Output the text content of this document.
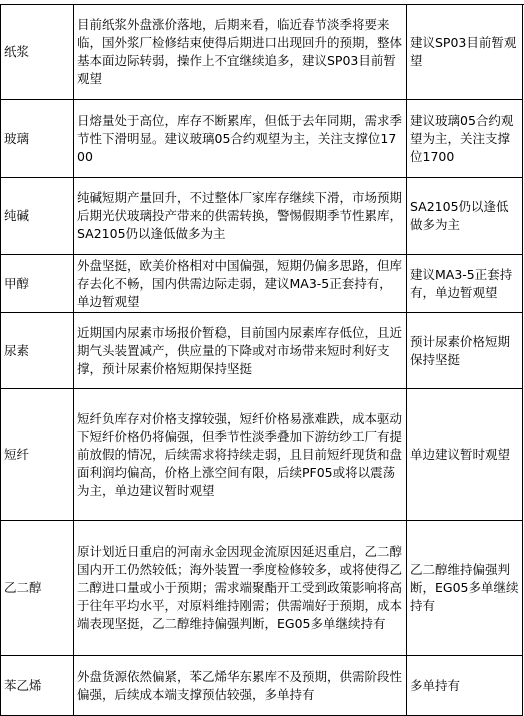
纸浆	目前纸浆外盘涨价落地，后期来看，临近春节淡季将要来临，国外浆厂检修结束使得后期进口出现回升的预期，整体基本面边际转弱，操作上不宜继续追多，建议SP03目前暂观望	建议SP03目前暂观望
玻璃	日熔量处于高位，库存不断累库，但低于去年同期，需求季节性下滑明显。建议玻璃05合约观望为主，关注支撑位1700	建议玻璃05合约观望为主，关注支撑位1700
纯碱	纯碱短期产量回升，不过整体厂家库存继续下滑，市场预期后期光伏玻璃投产带来的供需转换，警惕假期季节性累库，SA2105仍以逢低做多为主	SA2105仍以逢低做多为主
甲醇	外盘坚挺，欧美价格相对中国偏强，短期仍偏多思路，但库存去化不畅，国内供需边际走弱，建议MA3-5正套持有，单边暂观望	建议MA3-5正套持有，单边暂观望
尿素	近期国内尿素市场报价暂稳，目前国内尿素库存低位，且近期气头装置减产，供应量的下降或对市场带来短时利好支撑，预计尿素价格短期保持坚挺	预计尿素价格短期保持坚挺
短纤	短纤负库存对价格支撑较强，短纤价格易涨难跌，成本驱动下短纤价格仍将偏强，但季节性淡季叠加下游纺纱工厂有提前放假的情况，后续需求将持续走弱，且目前短纤现货和盘面利润均偏高，价格上涨空间有限，后续PF05或将以震荡为主，单边建议暂时观望	单边建议暂时观望
乙二醇	原计划近日重启的河南永金因现金流原因延迟重启，乙二醇国内开工仍然较低；海外装置一季度检修较多，或将使得乙二醇进口量或小于预期；需求端聚酯开工受到政策影响将高于往年平均水平，对原料维持刚需；供需端好于预期，成本端表现坚挺，乙二醇维持偏强判断，EG05多单继续持有	乙二醇维持偏强判断，EG05多单继续持有
苯乙烯	外盘货源依然偏紧，苯乙烯华东累库不及预期，供需阶段性偏强，后续成本端支撑预估较强，多单持有	多单持有
